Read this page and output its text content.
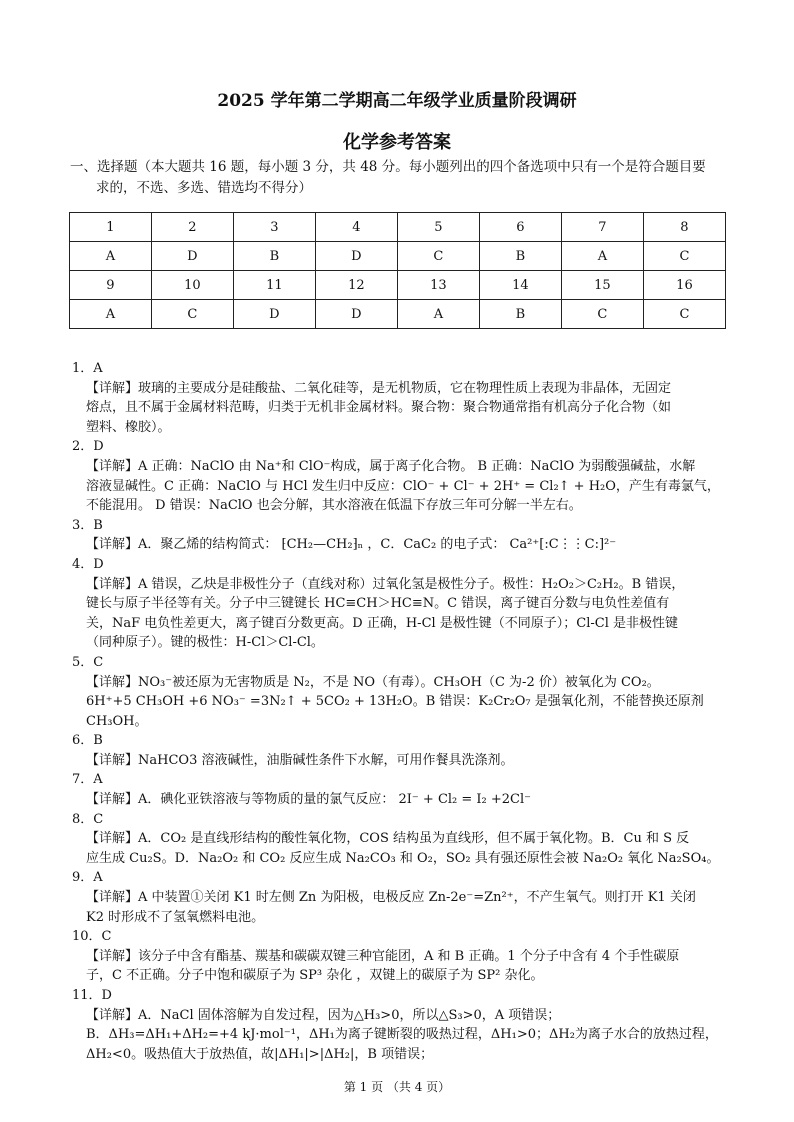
2025 学年第二学期高二年级学业质量阶段调研
化学参考答案
一、选择题（本大题共 16 题，每小题 3 分，共 48 分。每小题列出的四个备选项中只有一个是符合题目要
求的，不选、多选、错选均不得分）
1	2	3	4	5	6	7	8
A	D	B	D	C	B	A	C
9	10	11	12	13	14	15	16
A	C	D	D	A	B	C	C

1．A

【详解】玻璃的主要成分是硅酸盐、二氧化硅等，是无机物质，它在物理性质上表现为非晶体，无固定

熔点，且不属于金属材料范畴，归类于无机非金属材料。聚合物：聚合物通常指有机高分子化合物（如

塑料、橡胶）。

2．D

【详解】A 正确：NaClO 由 Na⁺和 ClO⁻构成，属于离子化合物。 B 正确：NaClO 为弱酸强碱盐，水解

溶液显碱性。C 正确：NaClO 与 HCl 发生归中反应：ClO⁻ + Cl⁻ + 2H⁺ = Cl₂↑ + H₂O，产生有毒氯气，

不能混用。 D 错误：NaClO 也会分解，其水溶液在低温下存放三年可分解一半左右。

3．B

【详解】A．聚乙烯的结构简式： ⁅CH₂—CH₂⁆ₙ ，C．CaC₂ 的电子式： Ca²⁺[:C⋮⋮C:]²⁻

4．D

【详解】A 错误，乙炔是非极性分子（直线对称）过氧化氢是极性分子。极性：H₂O₂＞C₂H₂。B 错误，

键长与原子半径等有关。分子中三键键长 HC≡CH＞HC≡N。C 错误，离子键百分数与电负性差值有

关，NaF 电负性差更大，离子键百分数更高。D 正确，H-Cl 是极性键（不同原子）；Cl-Cl 是非极性键

（同种原子）。键的极性：H-Cl＞Cl-Cl。

5．C

【详解】NO₃⁻被还原为无害物质是 N₂，不是 NO（有毒）。CH₃OH（C 为-2 价）被氧化为 CO₂。

6H⁺+5 CH₃OH +6 NO₃⁻ =3N₂↑ + 5CO₂ + 13H₂O。B 错误：K₂Cr₂O₇ 是强氧化剂，不能替换还原剂 CH₃OH。

6．B

【详解】NaHCO3 溶液碱性，油脂碱性条件下水解，可用作餐具洗涤剂。

7．A

【详解】A．碘化亚铁溶液与等物质的量的氯气反应： 2I⁻ + Cl₂ = I₂ +2Cl⁻

8．C

【详解】A．CO₂ 是直线形结构的酸性氧化物，COS 结构虽为直线形，但不属于氧化物。B．Cu 和 S 反

应生成 Cu₂S。D．Na₂O₂ 和 CO₂ 反应生成 Na₂CO₃ 和 O₂，SO₂ 具有强还原性会被 Na₂O₂ 氧化 Na₂SO₄。

9．A

【详解】A 中装置①关闭 K1 时左侧 Zn 为阳极，电极反应 Zn-2e⁻=Zn²⁺，不产生氧气。则打开 K1 关闭

K2 时形成不了氢氧燃料电池。

10．C

【详解】该分子中含有酯基、羰基和碳碳双键三种官能团，A 和 B 正确。1 个分子中含有 4 个手性碳原

子，C 不正确。分子中饱和碳原子为 SP³ 杂化 ，双键上的碳原子为 SP² 杂化。

11．D

【详解】A．NaCl 固体溶解为自发过程，因为△H₃>0，所以△S₃>0，A 项错误；

B．ΔH₃=ΔH₁+ΔH₂=+4 kJ·mol⁻¹，ΔH₁为离子键断裂的吸热过程，ΔH₁>0；ΔH₂为离子水合的放热过程，

ΔH₂<0。吸热值大于放热值，故|ΔH₁|>|ΔH₂|，B 项错误；

第 1 页 （共 4 页）
